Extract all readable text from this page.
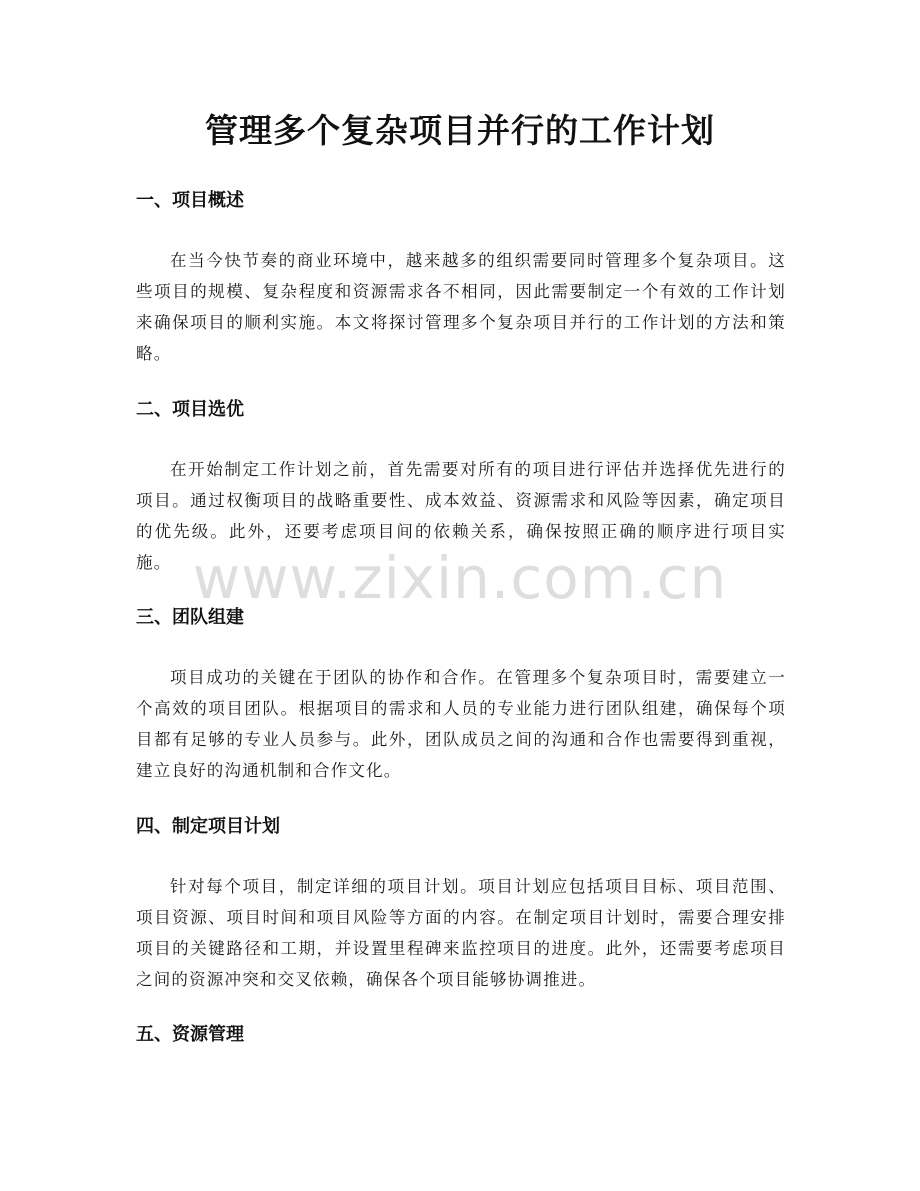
管理多个复杂项目并行的工作计划
一、项目概述

在当今快节奏的商业环境中，越来越多的组织需要同时管理多个复杂项目。这些项目的规模、复杂程度和资源需求各不相同，因此需要制定一个有效的工作计划来确保项目的顺利实施。本文将探讨管理多个复杂项目并行的工作计划的方法和策略。

二、项目选优

在开始制定工作计划之前，首先需要对所有的项目进行评估并选择优先进行的项目。通过权衡项目的战略重要性、成本效益、资源需求和风险等因素，确定项目的优先级。此外，还要考虑项目间的依赖关系，确保按照正确的顺序进行项目实施。

三、团队组建

项目成功的关键在于团队的协作和合作。在管理多个复杂项目时，需要建立一个高效的项目团队。根据项目的需求和人员的专业能力进行团队组建，确保每个项目都有足够的专业人员参与。此外，团队成员之间的沟通和合作也需要得到重视，建立良好的沟通机制和合作文化。

四、制定项目计划

针对每个项目，制定详细的项目计划。项目计划应包括项目目标、项目范围、项目资源、项目时间和项目风险等方面的内容。在制定项目计划时，需要合理安排项目的关键路径和工期，并设置里程碑来监控项目的进度。此外，还需要考虑项目之间的资源冲突和交叉依赖，确保各个项目能够协调推进。

五、资源管理
www.zixin.com.cn
